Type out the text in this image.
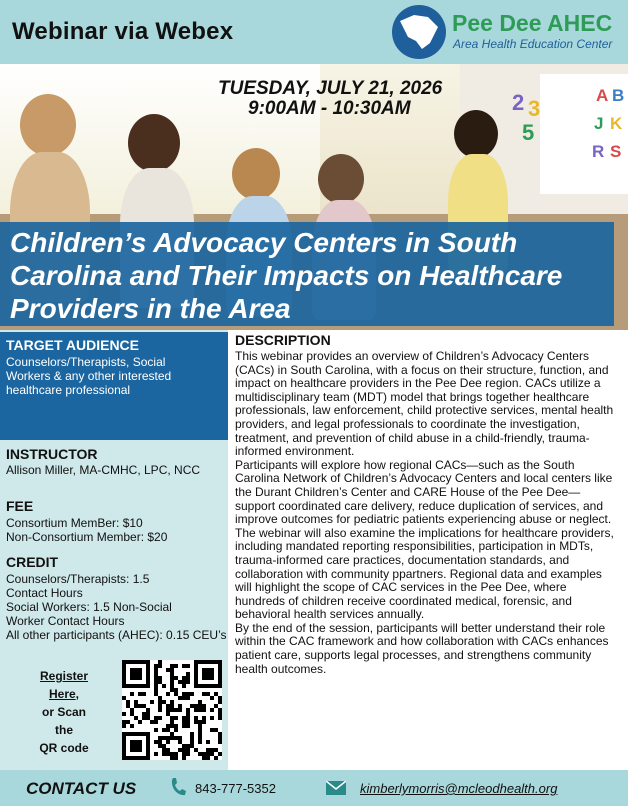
Webinar via Webex	Pee Dee AHEC
Area Health Education Center
2 3
5
A B
J K
R S
TUESDAY, JULY 21, 2026
9:00AM - 10:30AM
Children’s Advocacy Centers in South Carolina and Their Impacts on Healthcare Providers in the Area
TARGET AUDIENCE
Counselors/Therapists, Social Workers & any other interested healthcare professional
INSTRUCTOR
Allison Miller, MA-CMHC, LPC, NCC
FEE
Consortium MemBer: $10
Non-Consortium Member: $20
CREDIT
Counselors/Therapists: 1.5 Contact Hours
Social Workers: 1.5 Non-Social Worker Contact Hours
All other participants (AHEC): 0.15 CEU’s
Register Here,
or Scan
the
QR code
DESCRIPTION

This webinar provides an overview of Children’s Advocacy Centers (CACs) in South Carolina, with a focus on their structure, function, and impact on healthcare providers in the Pee Dee region. CACs utilize a multidisciplinary team (MDT) model that brings together healthcare professionals, law enforcement, child protective services, mental health providers, and legal professionals to coordinate the investigation, treatment, and prevention of child abuse in a child-friendly, trauma-informed environment.

Participants will explore how regional CACs—such as the South Carolina Network of Children’s Advocacy Centers and local centers like the Durant Children’s Center and CARE House of the Pee Dee—support coordinated care delivery, reduce duplication of services, and improve outcomes for pediatric patients experiencing abuse or neglect.

The webinar will also examine the implications for healthcare providers, including mandated reporting responsibilities, participation in MDTs, trauma-informed care practices, documentation standards, and collaboration with community ppartners. Regional data and examples will highlight the scope of CAC services in the Pee Dee, where hundreds of children receive coordinated medical, forensic, and behavioral health services annually.

By the end of the session, participants will better understand their role within the CAC framework and how collaboration with CACs enhances patient care, supports legal processes, and strengthens community health outcomes.

CONTACT US	843-777-5352	kimberlymorris@mcleodhealth.org
